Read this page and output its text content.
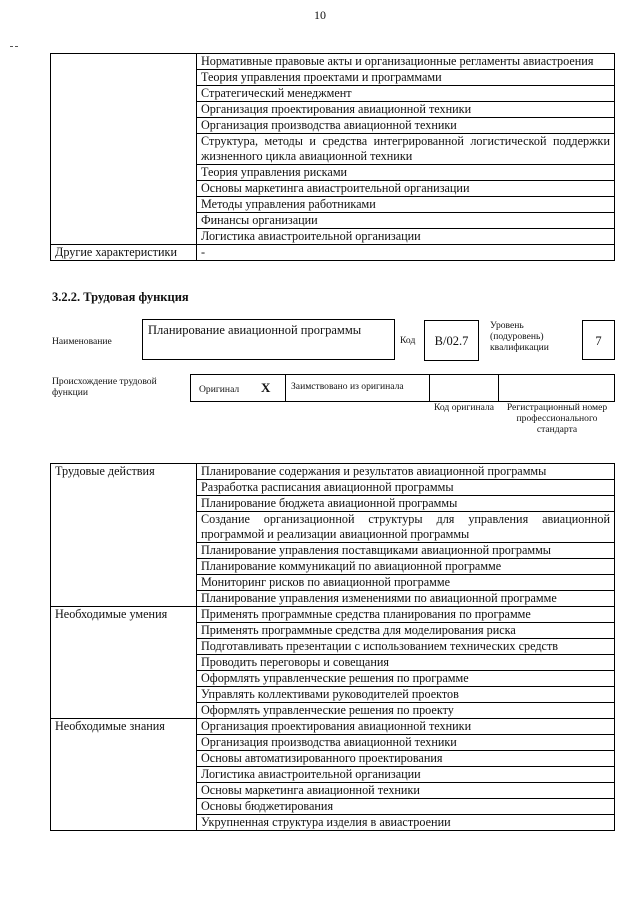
10
	Нормативные правовые акты и организационные регламенты авиастроения
	Теория управления проектами и программами
	Стратегический менеджмент
	Организация проектирования авиационной техники
	Организация производства авиационной техники
	Структура, методы и средства интегрированной логистической поддержки жизненного цикла авиационной техники
	Теория управления рисками
	Основы маркетинга авиастроительной организации
	Методы управления работниками
	Финансы организации
	Логистика авиастроительной организации
Другие характеристики	-
3.2.2. Трудовая функция
Наименование
Планирование авиационной программы
Код	В/02.7
Уровень (подуровень) квалификации	7
Происхождение трудовой функции	Оригинал X	Заимствовано из оригинала
Код оригинала	Регистрационный номер профессионального стандарта
Трудовые действия	Планирование содержания и результатов авиационной программы
	Разработка расписания авиационной программы
	Планирование бюджета авиационной программы
	Создание организационной структуры для управления авиационной программой и реализации авиационной программы
	Планирование управления поставщиками авиационной программы
	Планирование коммуникаций по авиационной программе
	Мониторинг рисков по авиационной программе
	Планирование управления изменениями по авиационной программе
Необходимые умения	Применять программные средства планирования по программе
	Применять программные средства для моделирования риска
	Подготавливать презентации с использованием технических средств
	Проводить переговоры и совещания
	Оформлять управленческие решения по программе
	Управлять коллективами руководителей проектов
	Оформлять управленческие решения по проекту
Необходимые знания	Организация проектирования авиационной техники
	Организация производства авиационной техники
	Основы автоматизированного проектирования
	Логистика авиастроительной организации
	Основы маркетинга авиационной техники
	Основы бюджетирования
	Укрупненная структура изделия в авиастроении
